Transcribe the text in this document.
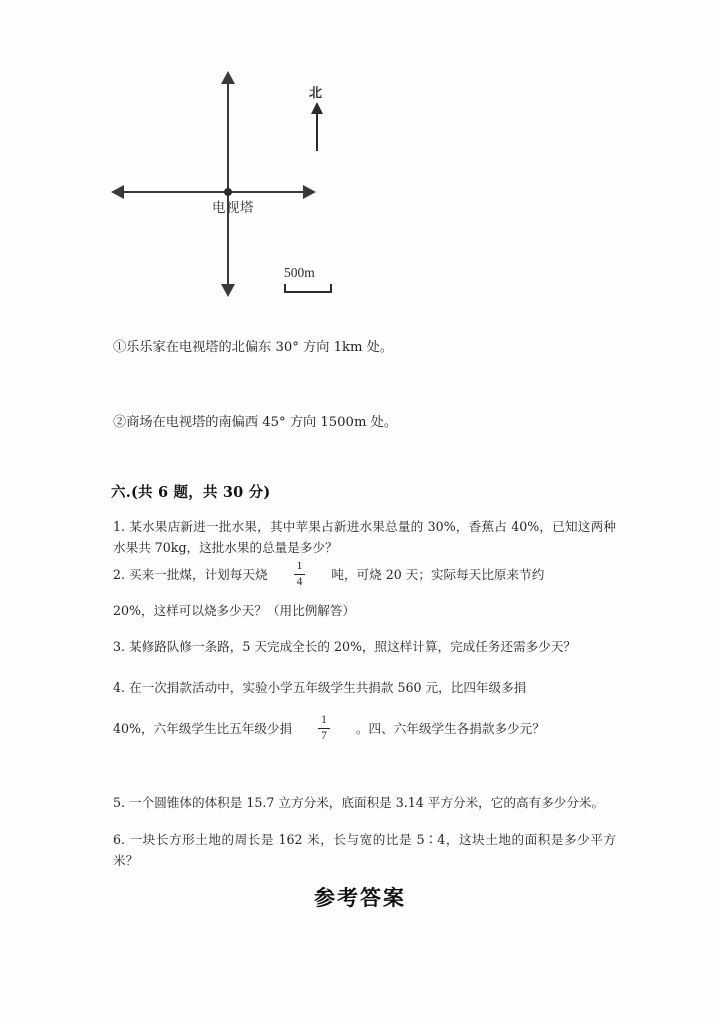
电视塔
北
500m
①乐乐家在电视塔的北偏东 30° 方向 1km 处。
②商场在电视塔的南偏西 45° 方向 1500m 处。
六.(共 6 题，共 30 分)
1. 某水果店新进一批水果，其中苹果占新进水果总量的 30%，香蕉占 40%，已知这两种水果共 70kg，这批水果的总量是多少？
2. 买来一批煤，计划每天烧 $\frac{1}{4}$ 吨，可烧 20 天；实际每天比原来节约
20%，这样可以烧多少天？（用比例解答）
3. 某修路队修一条路，5 天完成全长的 20%，照这样计算，完成任务还需多少天？
4. 在一次捐款活动中，实验小学五年级学生共捐款 560 元，比四年级多捐
40%，六年级学生比五年级少捐 $\frac{1}{7}$ 。四、六年级学生各捐款多少元？
5. 一个圆锥体的体积是 15.7 立方分米，底面积是 3.14 平方分米，它的高有多少分米。
6. 一块长方形土地的周长是 162 米，长与宽的比是 5∶4，这块土地的面积是多少平方米？
参考答案
